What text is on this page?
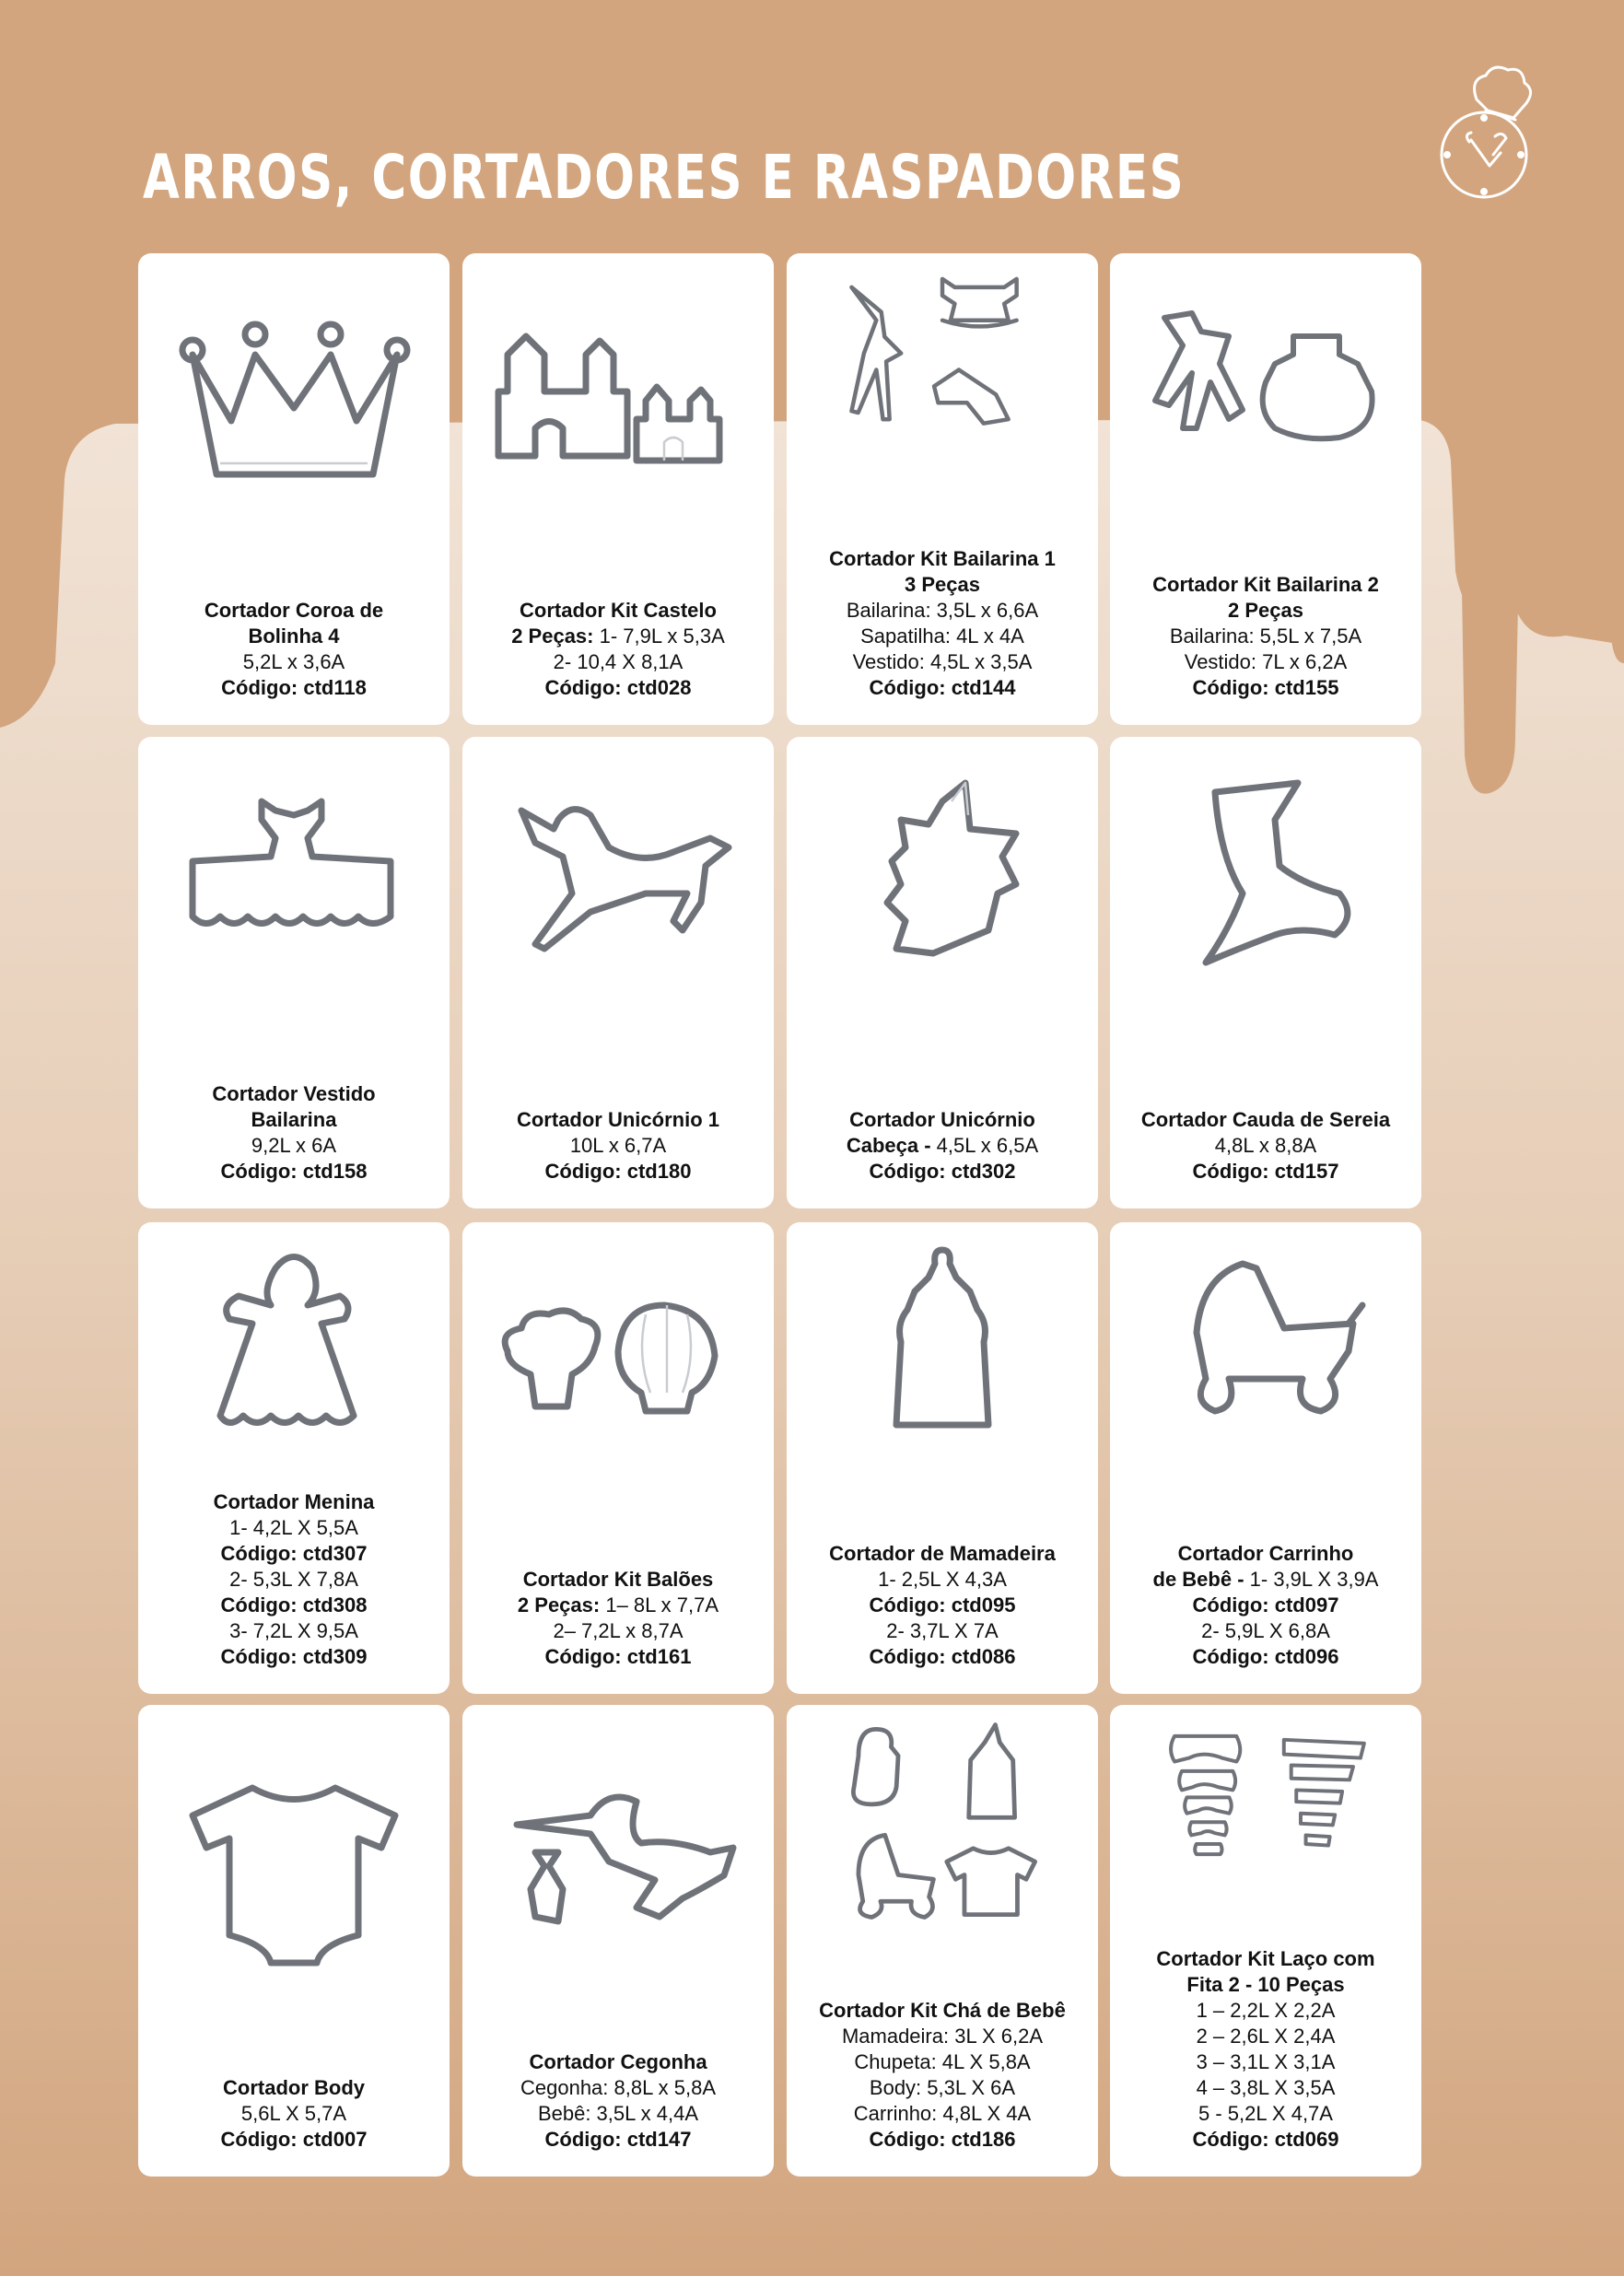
ARROS, CORTADORES E RASPADORES
Cortador Coroa de
Bolinha 4
5,2L x 3,6A
Código: ctd118
Cortador Kit Castelo
2 Peças: 1- 7,9L x 5,3A
2- 10,4 X 8,1A
Código: ctd028
Cortador Kit Bailarina 1
3 Peças
Bailarina: 3,5L x 6,6A
Sapatilha: 4L x 4A
Vestido: 4,5L x 3,5A
Código: ctd144
Cortador Kit Bailarina 2
2 Peças
Bailarina: 5,5L x 7,5A
Vestido: 7L x 6,2A
Código: ctd155
Cortador Vestido
Bailarina
9,2L x 6A
Código: ctd158
Cortador Unicórnio 1
10L x 6,7A
Código: ctd180
Cortador Unicórnio
Cabeça - 4,5L x 6,5A
Código: ctd302
Cortador Cauda de Sereia
4,8L x 8,8A
Código: ctd157
Cortador Menina
1- 4,2L X 5,5A
Código: ctd307
2- 5,3L X 7,8A
Código: ctd308
3- 7,2L X 9,5A
Código: ctd309
Cortador Kit Balões
2 Peças: 1– 8L x 7,7A
2– 7,2L x 8,7A
Código: ctd161
Cortador de Mamadeira
1- 2,5L X 4,3A
Código: ctd095
2- 3,7L X 7A
Código: ctd086
Cortador Carrinho
de Bebê - 1- 3,9L X 3,9A
Código: ctd097
2- 5,9L X 6,8A
Código: ctd096
Cortador Body
5,6L X 5,7A
Código: ctd007
Cortador Cegonha
Cegonha: 8,8L x 5,8A
Bebê: 3,5L x 4,4A
Código: ctd147
Cortador Kit Chá de Bebê
Mamadeira: 3L X 6,2A
Chupeta: 4L X 5,8A
Body: 5,3L X 6A
Carrinho: 4,8L X 4A
Código: ctd186
Cortador Kit Laço com
Fita 2 - 10 Peças
1 – 2,2L X 2,2A
2 – 2,6L X 2,4A
3 – 3,1L X 3,1A
4 – 3,8L X 3,5A
5 - 5,2L X 4,7A
Código: ctd069
